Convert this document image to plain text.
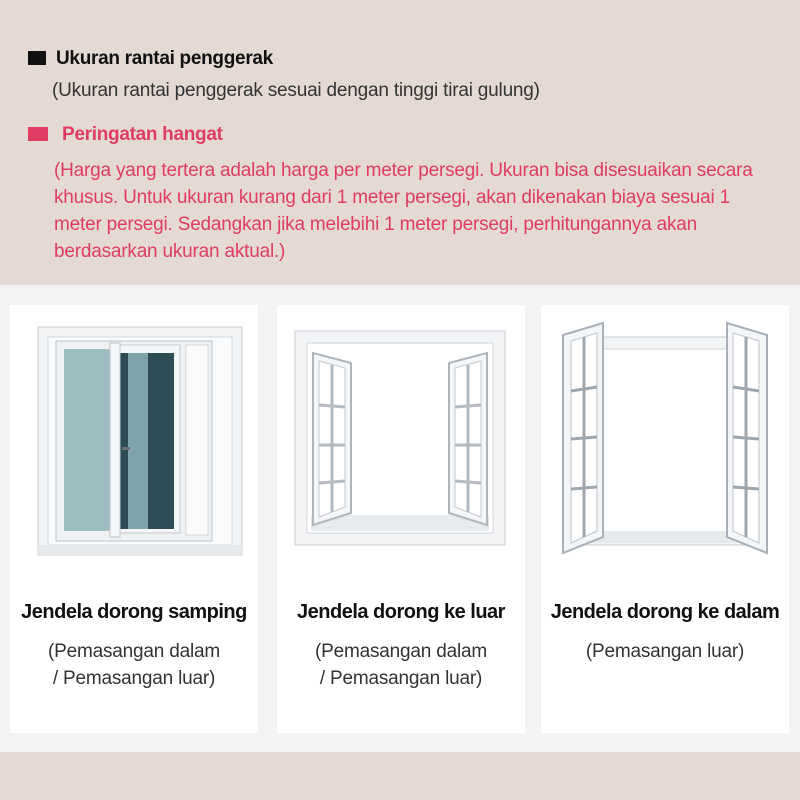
Ukuran rantai penggerak
(Ukuran rantai penggerak sesuai dengan tinggi tirai gulung)
Peringatan hangat
(Harga yang tertera adalah harga per meter persegi. Ukuran bisa disesuaikan secara khusus. Untuk ukuran kurang dari 1 meter persegi, akan dikenakan biaya sesuai 1 meter persegi. Sedangkan jika melebihi 1 meter persegi, perhitungannya akan berdasarkan ukuran aktual.)
Jendela dorong samping
(Pemasangan dalam
/ Pemasangan luar)
Jendela dorong ke luar
(Pemasangan dalam
/ Pemasangan luar)
Jendela dorong ke dalam
(Pemasangan luar)
